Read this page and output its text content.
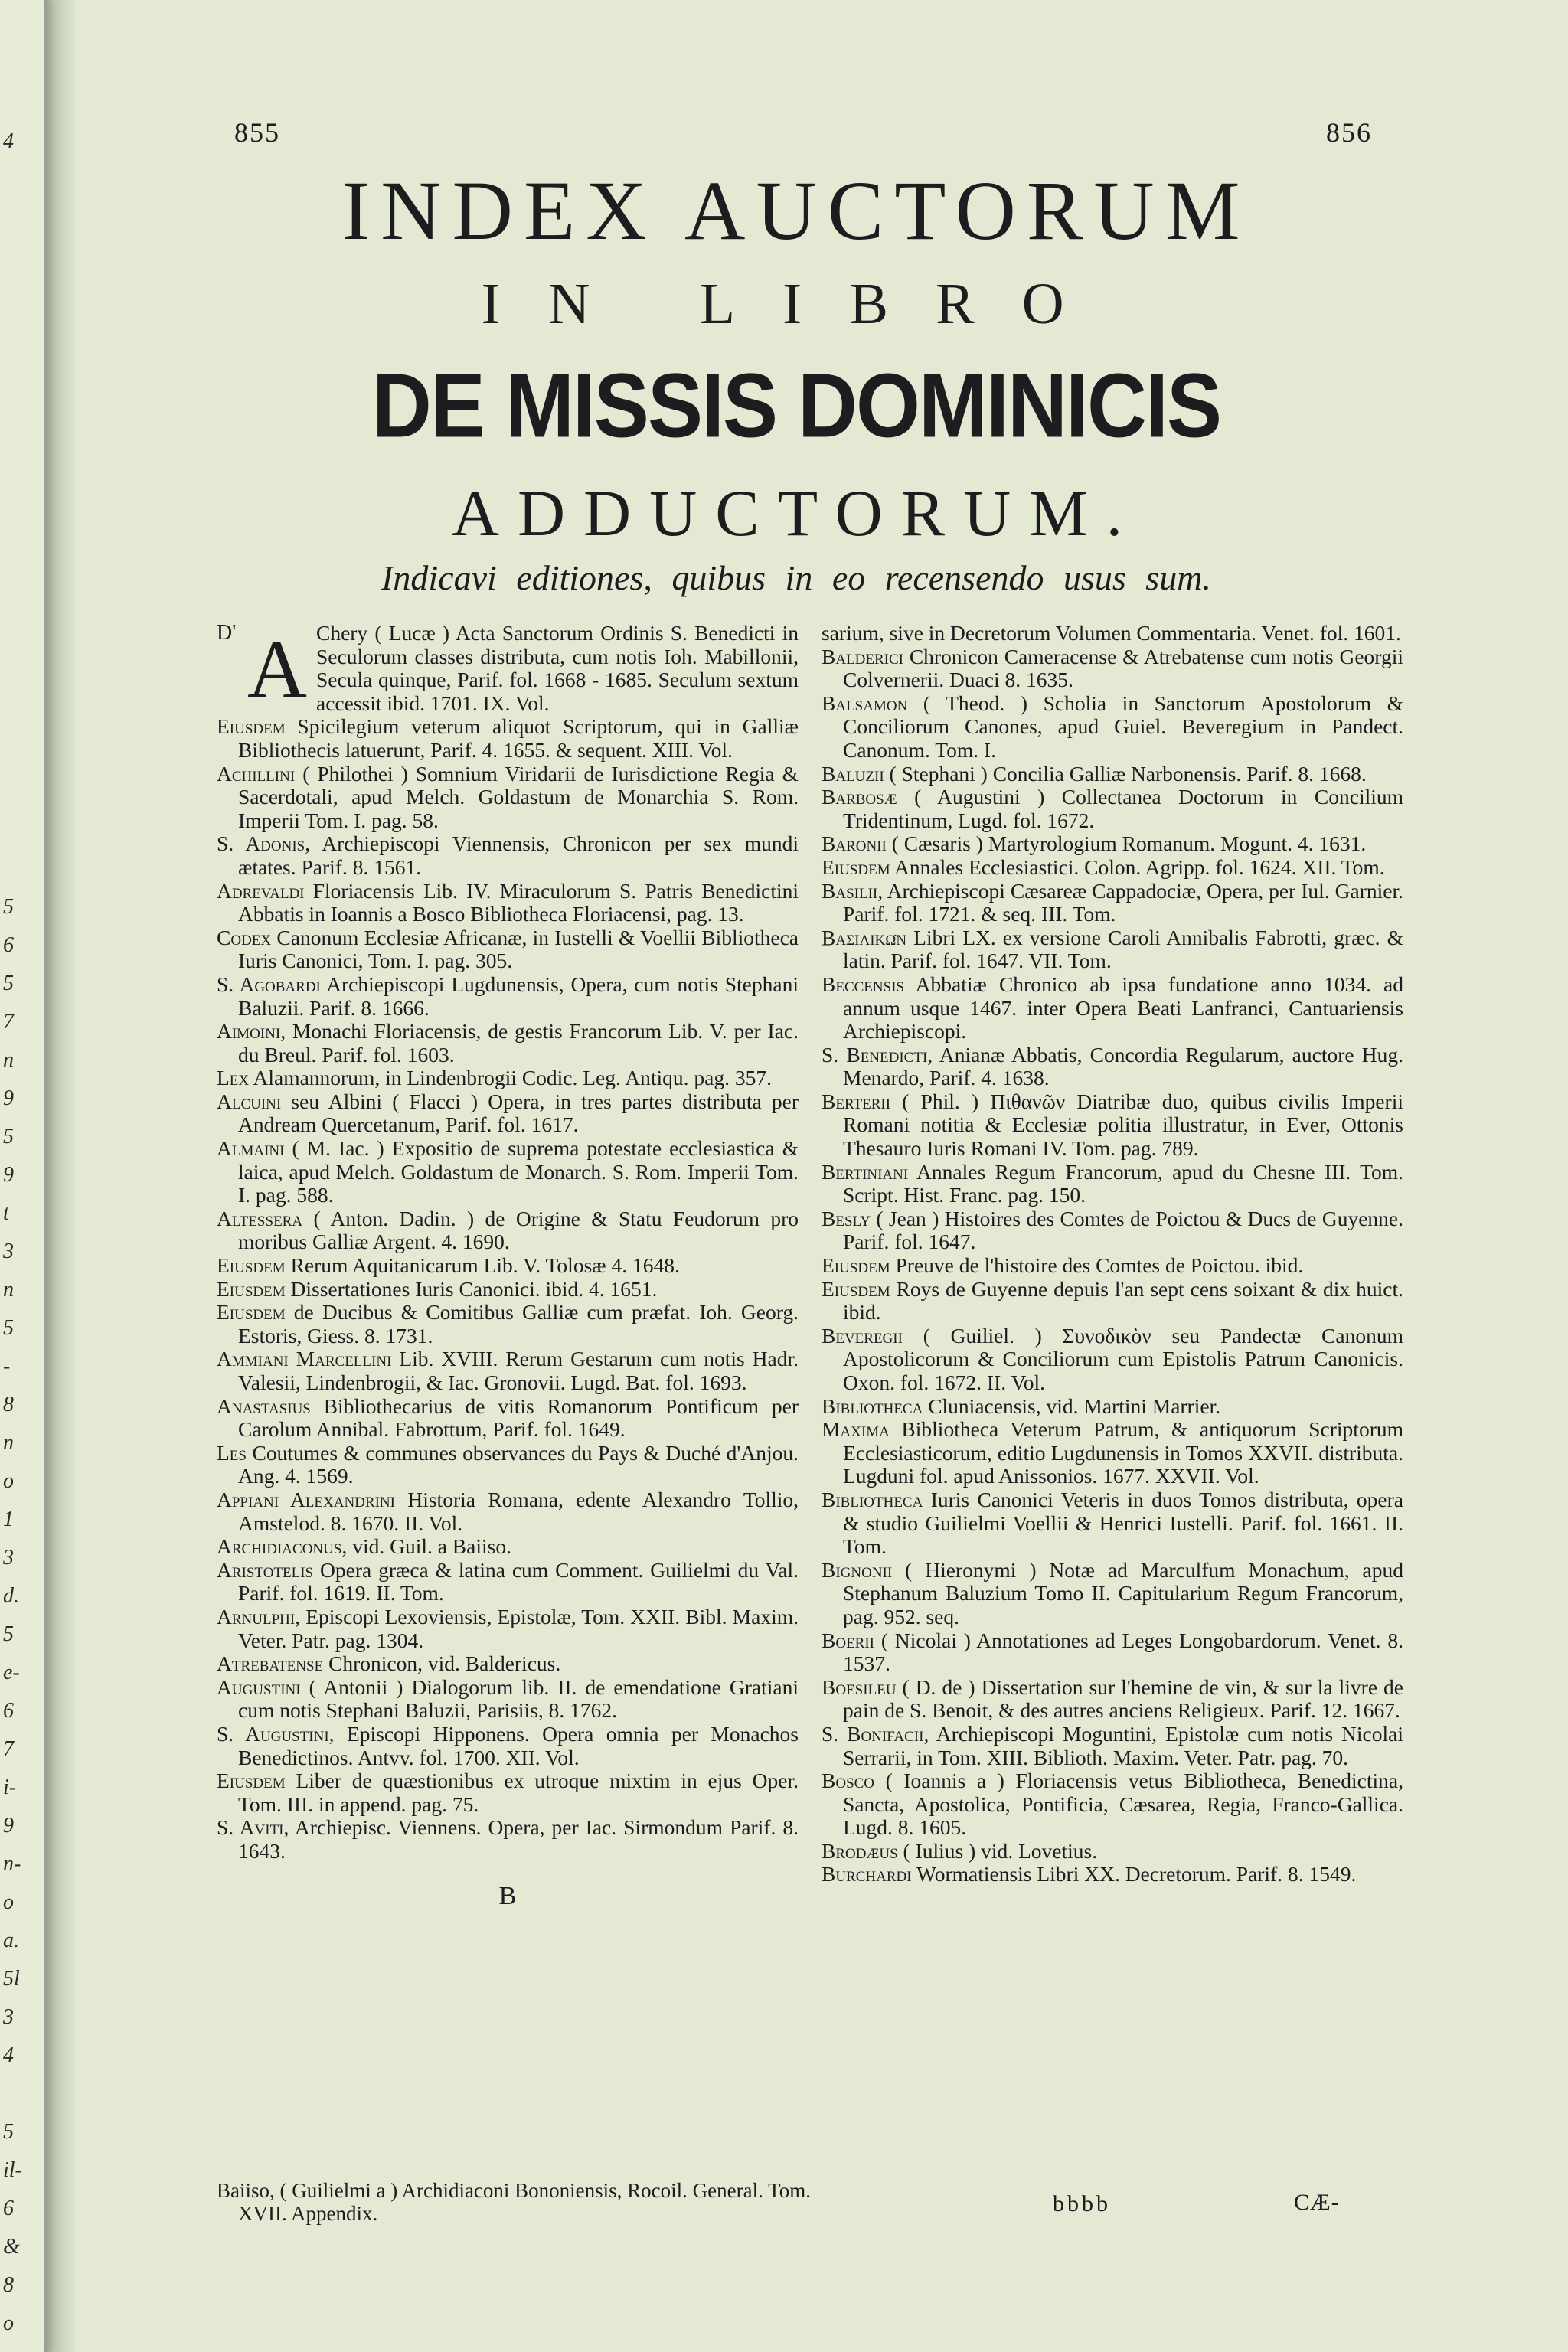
4
5
6
5
7
n
9
5
9
t
3
n
5
-
8
n
o
1
3
d.
5
e-
6
7
i-
9
n-
o
a.
5l
3
4
5
il-
6
&
8
o
855	856
INDEX AUCTORUM
IN LIBRO
DE MISSIS DOMINICIS
ADDUCTORUM.
Indicavi editiones, quibus in eo recensendo usus sum.
D' A Chery ( Lucæ ) Acta Sanctorum Ordinis S. Benedicti in Seculorum classes distributa, cum notis Ioh. Mabillonii, Secula quinque, Parif. fol. 1668 - 1685. Seculum sextum accessit ibid. 1701. IX. Vol.
Eiusdem Spicilegium veterum aliquot Scriptorum, qui in Galliæ Bibliothecis latuerunt, Parif. 4. 1655. & sequent. XIII. Vol.
Achillini ( Philothei ) Somnium Viridarii de Iurisdictione Regia & Sacerdotali, apud Melch. Goldastum de Monarchia S. Rom. Imperii Tom. I. pag. 58.
S. Adonis, Archiepiscopi Viennensis, Chronicon per sex mundi ætates. Parif. 8. 1561.
Adrevaldi Floriacensis Lib. IV. Miraculorum S. Patris Benedictini Abbatis in Ioannis a Bosco Bibliotheca Floriacensi, pag. 13.
Codex Canonum Ecclesiæ Africanæ, in Iustelli & Voellii Bibliotheca Iuris Canonici, Tom. I. pag. 305.
S. Agobardi Archiepiscopi Lugdunensis, Opera, cum notis Stephani Baluzii. Parif. 8. 1666.
Aimoini, Monachi Floriacensis, de gestis Francorum Lib. V. per Iac. du Breul. Parif. fol. 1603.
Lex Alamannorum, in Lindenbrogii Codic. Leg. Antiqu. pag. 357.
Alcuini seu Albini ( Flacci ) Opera, in tres partes distributa per Andream Quercetanum, Parif. fol. 1617.
Almaini ( M. Iac. ) Expositio de suprema potestate ecclesiastica & laica, apud Melch. Goldastum de Monarch. S. Rom. Imperii Tom. I. pag. 588.
Altessera ( Anton. Dadin. ) de Origine & Statu Feudorum pro moribus Galliæ Argent. 4. 1690.
Eiusdem Rerum Aquitanicarum Lib. V. Tolosæ 4. 1648.
Eiusdem Dissertationes Iuris Canonici. ibid. 4. 1651.
Eiusdem de Ducibus & Comitibus Galliæ cum præfat. Ioh. Georg. Estoris, Giess. 8. 1731.
Ammiani Marcellini Lib. XVIII. Rerum Gestarum cum notis Hadr. Valesii, Lindenbrogii, & Iac. Gronovii. Lugd. Bat. fol. 1693.
Anastasius Bibliothecarius de vitis Romanorum Pontificum per Carolum Annibal. Fabrottum, Parif. fol. 1649.
Les Coutumes & communes observances du Pays & Duché d'Anjou. Ang. 4. 1569.
Appiani Alexandrini Historia Romana, edente Alexandro Tollio, Amstelod. 8. 1670. II. Vol.
Archidiaconus, vid. Guil. a Baiiso.
Aristotelis Opera græca & latina cum Comment. Guilielmi du Val. Parif. fol. 1619. II. Tom.
Arnulphi, Episcopi Lexoviensis, Epistolæ, Tom. XXII. Bibl. Maxim. Veter. Patr. pag. 1304.
Atrebatense Chronicon, vid. Baldericus.
Augustini ( Antonii ) Dialogorum lib. II. de emendatione Gratiani cum notis Stephani Baluzii, Parisiis, 8. 1762.
S. Augustini, Episcopi Hipponens. Opera omnia per Monachos Benedictinos. Antvv. fol. 1700. XII. Vol.
Eiusdem Liber de quæstionibus ex utroque mixtim in ejus Oper. Tom. III. in append. pag. 75.
S. Aviti, Archiepisc. Viennens. Opera, per Iac. Sirmondum Parif. 8. 1643.
B
sarium, sive in Decretorum Volumen Commentaria. Venet. fol. 1601.
Balderici Chronicon Cameracense & Atrebatense cum notis Georgii Colvernerii. Duaci 8. 1635.
Balsamon ( Theod. ) Scholia in Sanctorum Apostolorum & Conciliorum Canones, apud Guiel. Beveregium in Pandect. Canonum. Tom. I.
Baluzii ( Stephani ) Concilia Galliæ Narbonensis. Parif. 8. 1668.
Barbosæ ( Augustini ) Collectanea Doctorum in Concilium Tridentinum, Lugd. fol. 1672.
Baronii ( Cæsaris ) Martyrologium Romanum. Mogunt. 4. 1631.
Eiusdem Annales Ecclesiastici. Colon. Agripp. fol. 1624. XII. Tom.
Basilii, Archiepiscopi Cæsareæ Cappadociæ, Opera, per Iul. Garnier. Parif. fol. 1721. & seq. III. Tom.
Βασιλικῶν Libri LX. ex versione Caroli Annibalis Fabrotti, græc. & latin. Parif. fol. 1647. VII. Tom.
Beccensis Abbatiæ Chronico ab ipsa fundatione anno 1034. ad annum usque 1467. inter Opera Beati Lanfranci, Cantuariensis Archiepiscopi.
S. Benedicti, Anianæ Abbatis, Concordia Regularum, auctore Hug. Menardo, Parif. 4. 1638.
Berterii ( Phil. ) Πιθανῶν Diatribæ duo, quibus civilis Imperii Romani notitia & Ecclesiæ politia illustratur, in Ever, Ottonis Thesauro Iuris Romani IV. Tom. pag. 789.
Bertiniani Annales Regum Francorum, apud du Chesne III. Tom. Script. Hist. Franc. pag. 150.
Besly ( Jean ) Histoires des Comtes de Poictou & Ducs de Guyenne. Parif. fol. 1647.
Eiusdem Preuve de l'histoire des Comtes de Poictou. ibid.
Eiusdem Roys de Guyenne depuis l'an sept cens soixant & dix huict. ibid.
Beveregii ( Guiliel. ) Συνοδικὸν seu Pandectæ Canonum Apostolicorum & Conciliorum cum Epistolis Patrum Canonicis. Oxon. fol. 1672. II. Vol.
Bibliotheca Cluniacensis, vid. Martini Marrier.
Maxima Bibliotheca Veterum Patrum, & antiquorum Scriptorum Ecclesiasticorum, editio Lugdunensis in Tomos XXVII. distributa. Lugduni fol. apud Anissonios. 1677. XXVII. Vol.
Bibliotheca Iuris Canonici Veteris in duos Tomos distributa, opera & studio Guilielmi Voellii & Henrici Iustelli. Parif. fol. 1661. II. Tom.
Bignonii ( Hieronymi ) Notæ ad Marculfum Monachum, apud Stephanum Baluzium Tomo II. Capitularium Regum Francorum, pag. 952. seq.
Boerii ( Nicolai ) Annotationes ad Leges Longobardorum. Venet. 8. 1537.
Boesileu ( D. de ) Dissertation sur l'hemine de vin, & sur la livre de pain de S. Benoit, & des autres anciens Religieux. Parif. 12. 1667.
S. Bonifacii, Archiepiscopi Moguntini, Epistolæ cum notis Nicolai Serrarii, in Tom. XIII. Biblioth. Maxim. Veter. Patr. pag. 70.
Bosco ( Ioannis a ) Floriacensis vetus Bibliotheca, Benedictina, Sancta, Apostolica, Pontificia, Cæsarea, Regia, Franco-Gallica. Lugd. 8. 1605.
Brodæus ( Iulius ) vid. Lovetius.
Burchardi Wormatiensis Libri XX. Decretorum. Parif. 8. 1549.
Baiiso, ( Guilielmi a ) Archidiaconi Bononiensis, Rocoil. General. Tom. XVII. Appendix.	bbbb	CÆ-
